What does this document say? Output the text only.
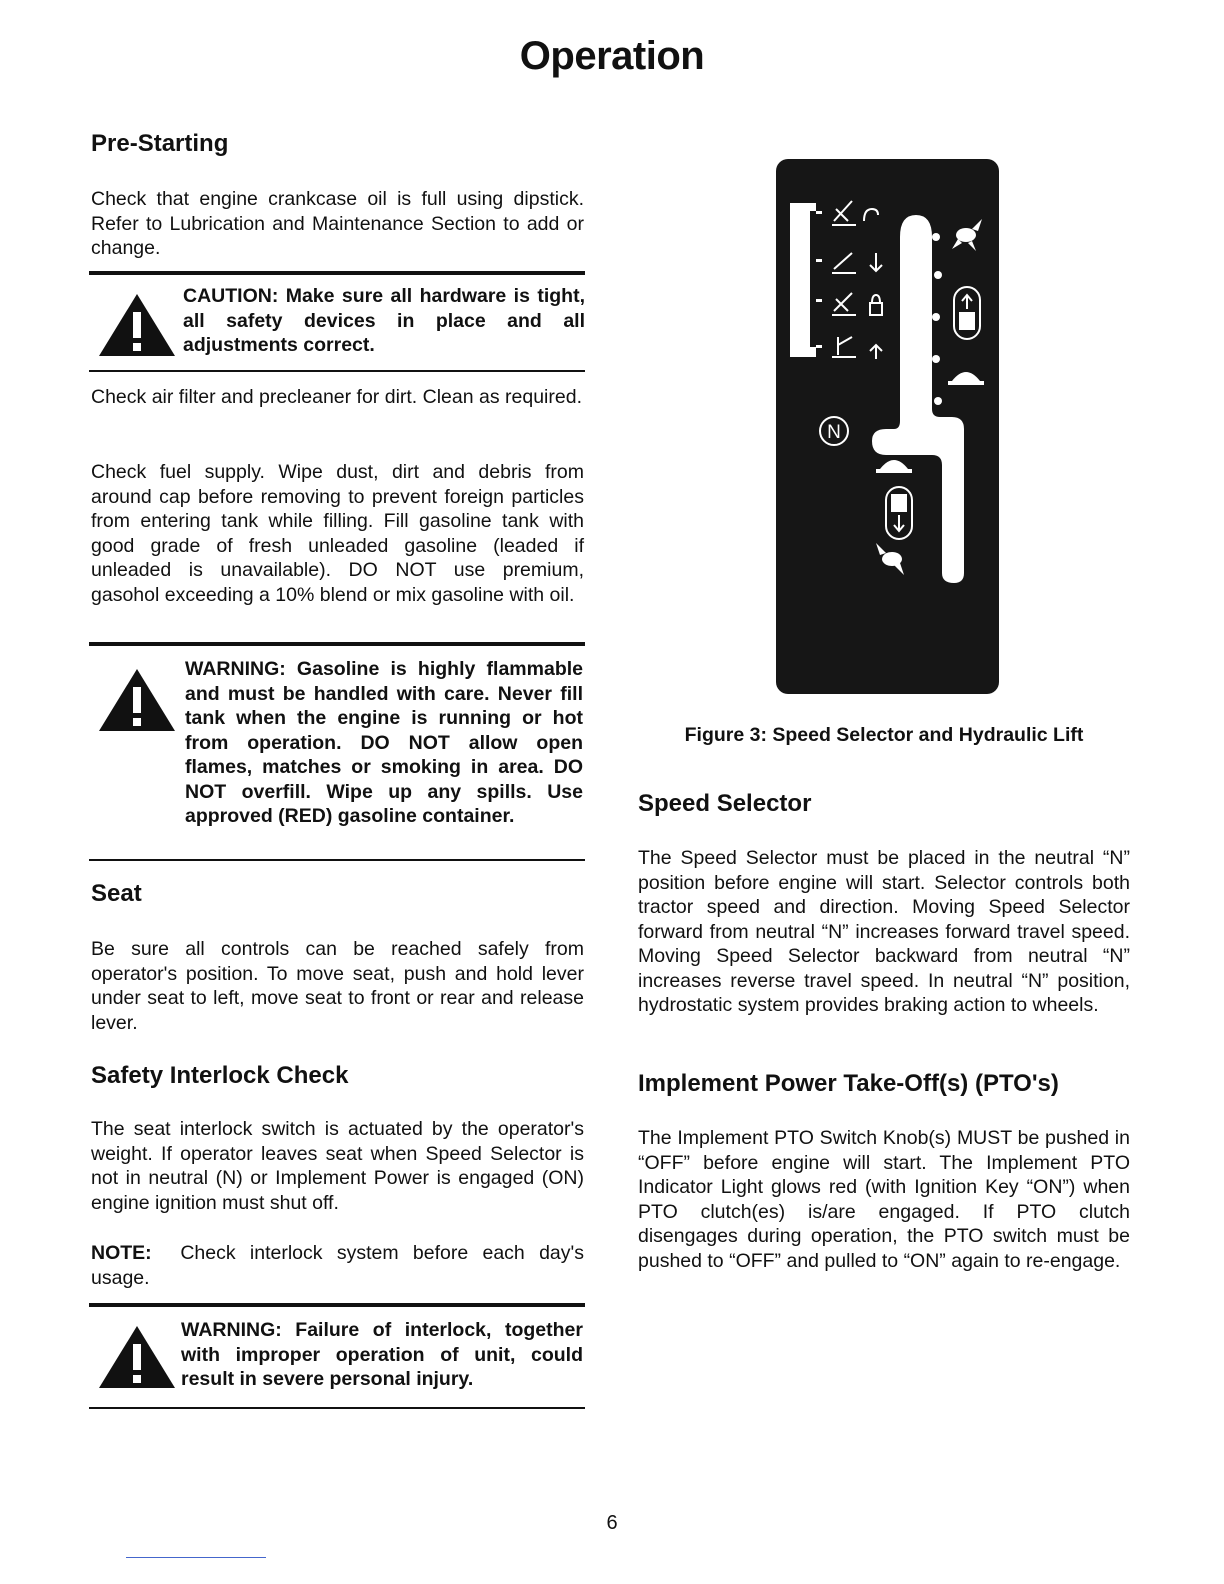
Operation
Pre-Starting

Check that engine crankcase oil is full using dipstick. Refer to Lubrication and Maintenance Section to add or change.

CAUTION: Make sure all hardware is tight, all safety devices in place and all adjustments correct.

Check air filter and precleaner for dirt. Clean as required.

Check fuel supply. Wipe dust, dirt and debris from around cap before removing to prevent foreign particles from entering tank while filling. Fill gasoline tank with good grade of fresh unleaded gasoline (leaded if unleaded is unavailable). DO NOT use premium, gasohol exceeding a 10% blend or mix gasoline with oil.

WARNING: Gasoline is highly flammable and must be handled with care. Never fill tank when the engine is running or hot from operation. DO NOT allow open flames, matches or smoking in area. DO NOT overfill. Wipe up any spills. Use approved (RED) gasoline container.
Seat

Be sure all controls can be reached safely from operator's position. To move seat, push and hold lever under seat to left, move seat to front or rear and release lever.

Safety Interlock Check

The seat interlock switch is actuated by the operator's weight. If operator leaves seat when Speed Selector is not in neutral (N) or Implement Power is engaged (ON) engine ignition must shut off.

NOTE: Check interlock system before each day's usage.

WARNING: Failure of interlock, together with improper operation of unit, could result in severe personal injury.
N
Figure 3: Speed Selector and Hydraulic Lift
Speed Selector

The Speed Selector must be placed in the neutral “N” position before engine will start. Selector controls both tractor speed and direction. Moving Speed Selector forward from neutral “N” increases forward travel speed. Moving Speed Selector backward from neutral “N” increases reverse travel speed. In neutral “N” position, hydrostatic system provides braking action to wheels.

Implement Power Take-Off(s) (PTO's)

The Implement PTO Switch Knob(s) MUST be pushed in “OFF” before engine will start. The Implement PTO Indicator Light glows red (with Ignition Key “ON”) when PTO clutch(es) is/are engaged. If PTO clutch disengages during operation, the PTO switch must be pushed to “OFF” and pulled to “ON” again to re-engage.

6
